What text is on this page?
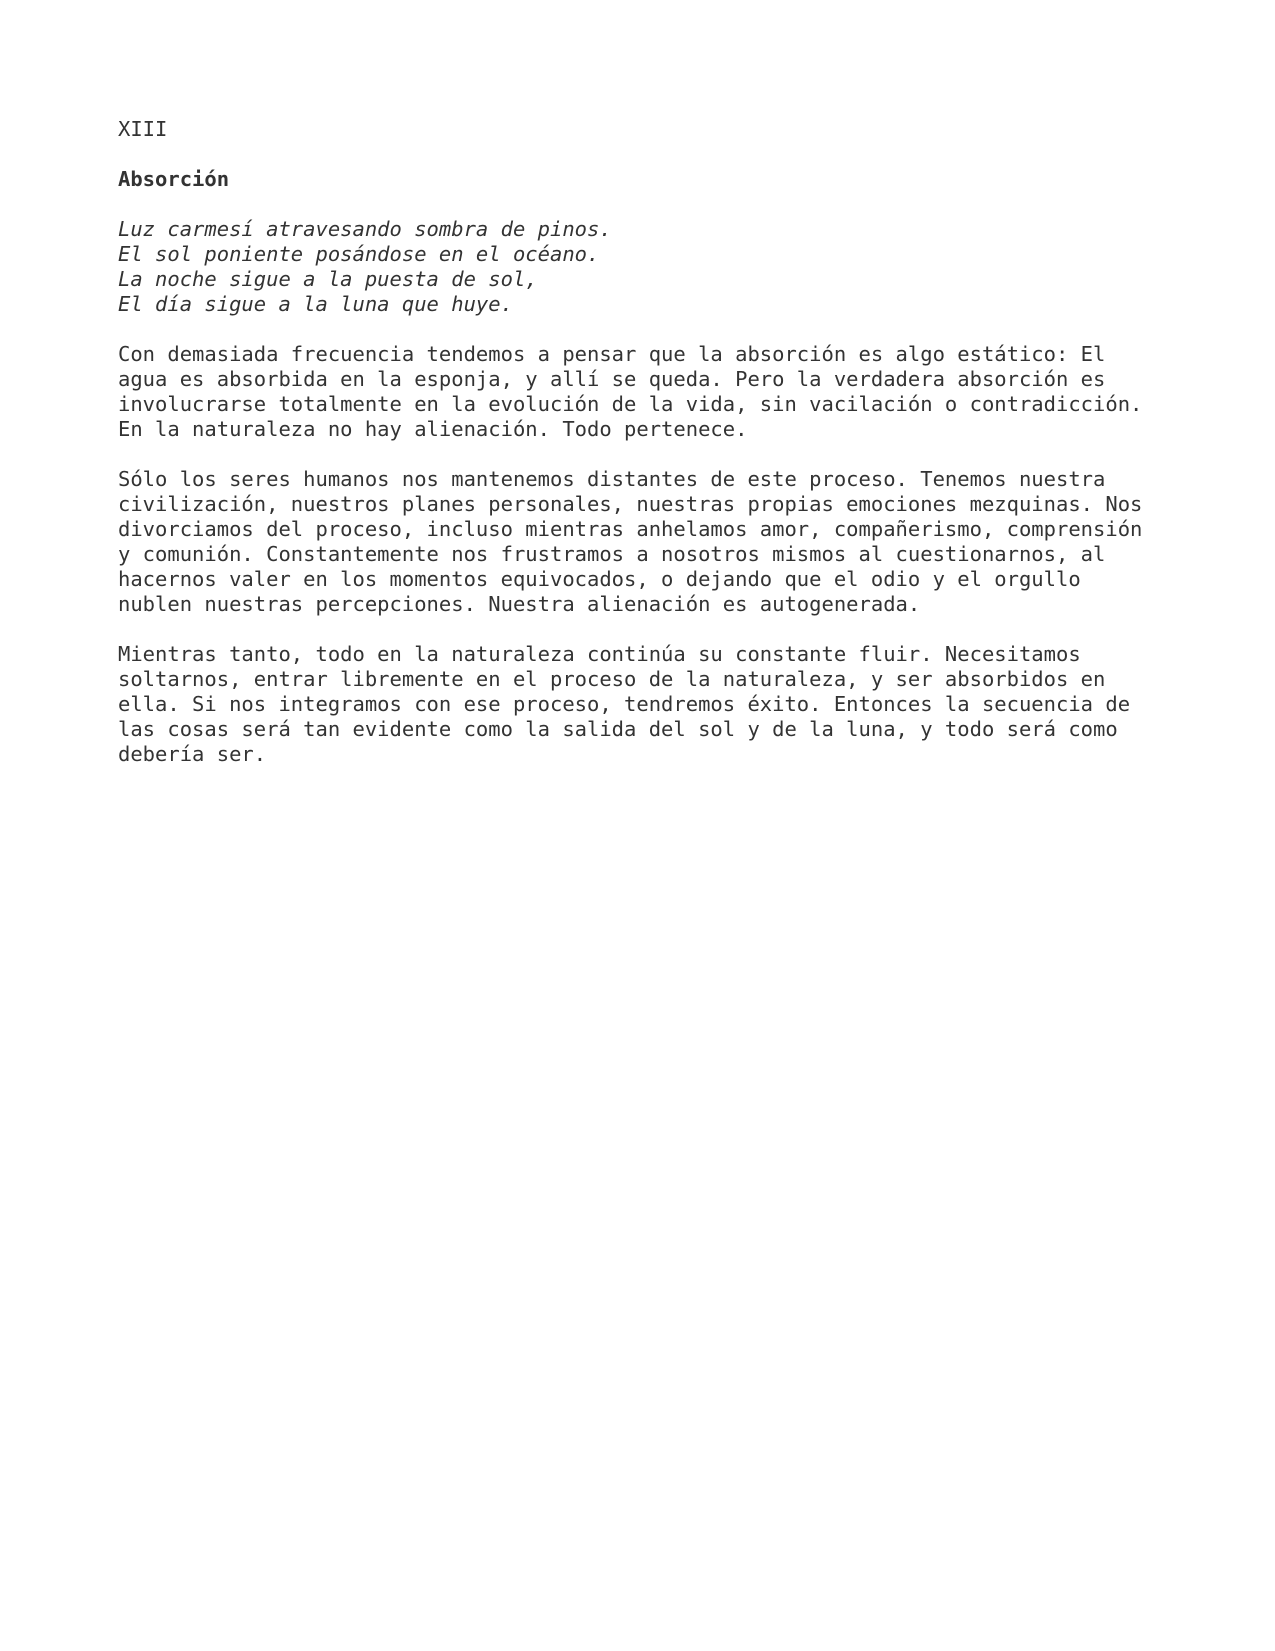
XIII
Absorción
Luz carmesí atravesando sombra de pinos.
El sol poniente posándose en el océano.
La noche sigue a la puesta de sol,
El día sigue a la luna que huye.
Con demasiada frecuencia tendemos a pensar que la absorción es algo estático: El
agua es absorbida en la esponja, y allí se queda. Pero la verdadera absorción es
involucrarse totalmente en la evolución de la vida, sin vacilación o contradicción.
En la naturaleza no hay alienación. Todo pertenece.
Sólo los seres humanos nos mantenemos distantes de este proceso. Tenemos nuestra
civilización, nuestros planes personales, nuestras propias emociones mezquinas. Nos
divorciamos del proceso, incluso mientras anhelamos amor, compañerismo, comprensión
y comunión. Constantemente nos frustramos a nosotros mismos al cuestionarnos, al
hacernos valer en los momentos equivocados, o dejando que el odio y el orgullo
nublen nuestras percepciones. Nuestra alienación es autogenerada.
Mientras tanto, todo en la naturaleza continúa su constante fluir. Necesitamos
soltarnos, entrar libremente en el proceso de la naturaleza, y ser absorbidos en
ella. Si nos integramos con ese proceso, tendremos éxito. Entonces la secuencia de
las cosas será tan evidente como la salida del sol y de la luna, y todo será como
debería ser.
